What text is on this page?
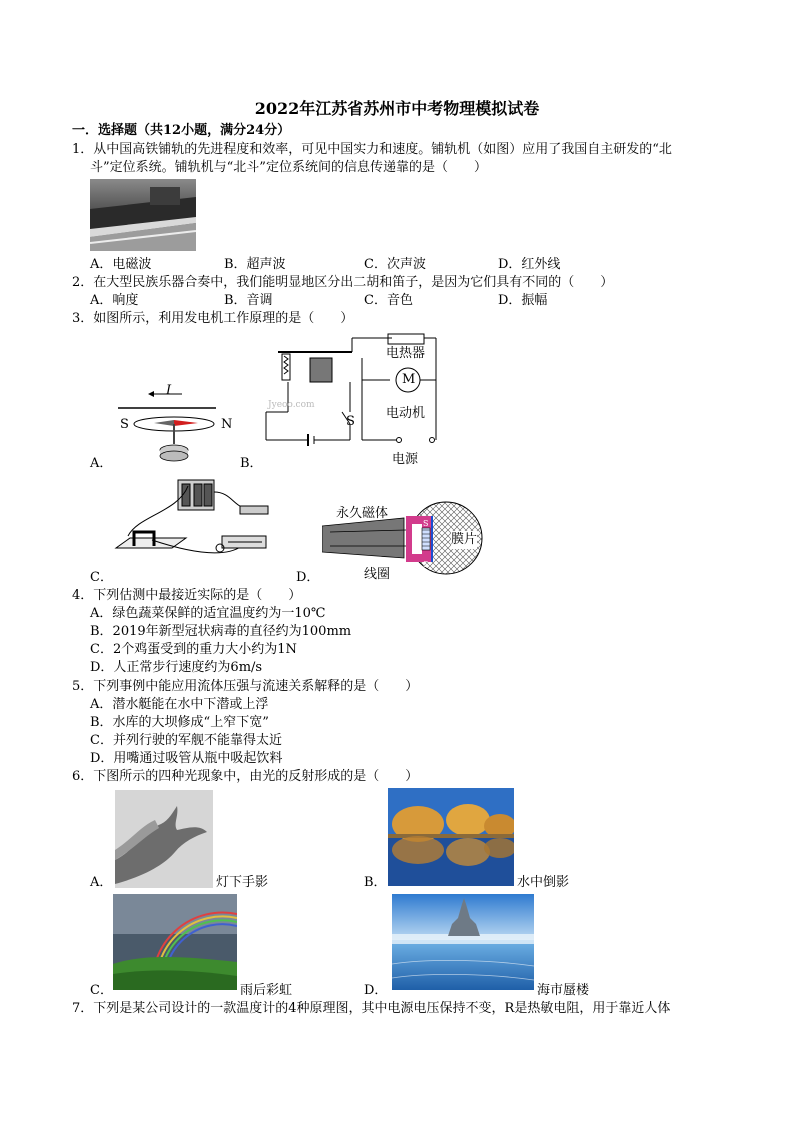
2022年江苏省苏州市中考物理模拟试卷
一．选择题（共12小题，满分24分）
1．从中国高铁铺轨的先进程度和效率，可见中国实力和速度。铺轨机（如图）应用了我国自主研发的“北
斗”定位系统。铺轨机与“北斗”定位系统间的信息传递靠的是（　　）
A．电磁波	B．超声波	C．次声波	D．红外线
2．在大型民族乐器合奏中，我们能明显地区分出二胡和笛子，是因为它们具有不同的（　　）
A．响度	B．音调	C．音色	D．振幅
3．如图所示，利用发电机工作原理的是（　　）
I
S	N
A．
Jyeoo.com
电热器
M
电动机
S
电源
B．
C．
永久磁体
S
S
膜片
线圈
D．
4．下列估测中最接近实际的是（　　）
A．绿色蔬菜保鲜的适宜温度约为一10℃
B．2019年新型冠状病毒的直径约为100mm
C．2个鸡蛋受到的重力大小约为1N
D．人正常步行速度约为6m/s
5．下列事例中能应用流体压强与流速关系解释的是（　　）
A．潜水艇能在水中下潜或上浮
B．水库的大坝修成“上窄下宽”
C．并列行驶的军舰不能靠得太近
D．用嘴通过吸管从瓶中吸起饮料
6．下图所示的四种光现象中，由光的反射形成的是（　　）
A．	灯下手影	B．	水中倒影
C．	雨后彩虹	D．	海市蜃楼
7．下列是某公司设计的一款温度计的4种原理图，其中电源电压保持不变，R是热敏电阻，用于靠近人体
